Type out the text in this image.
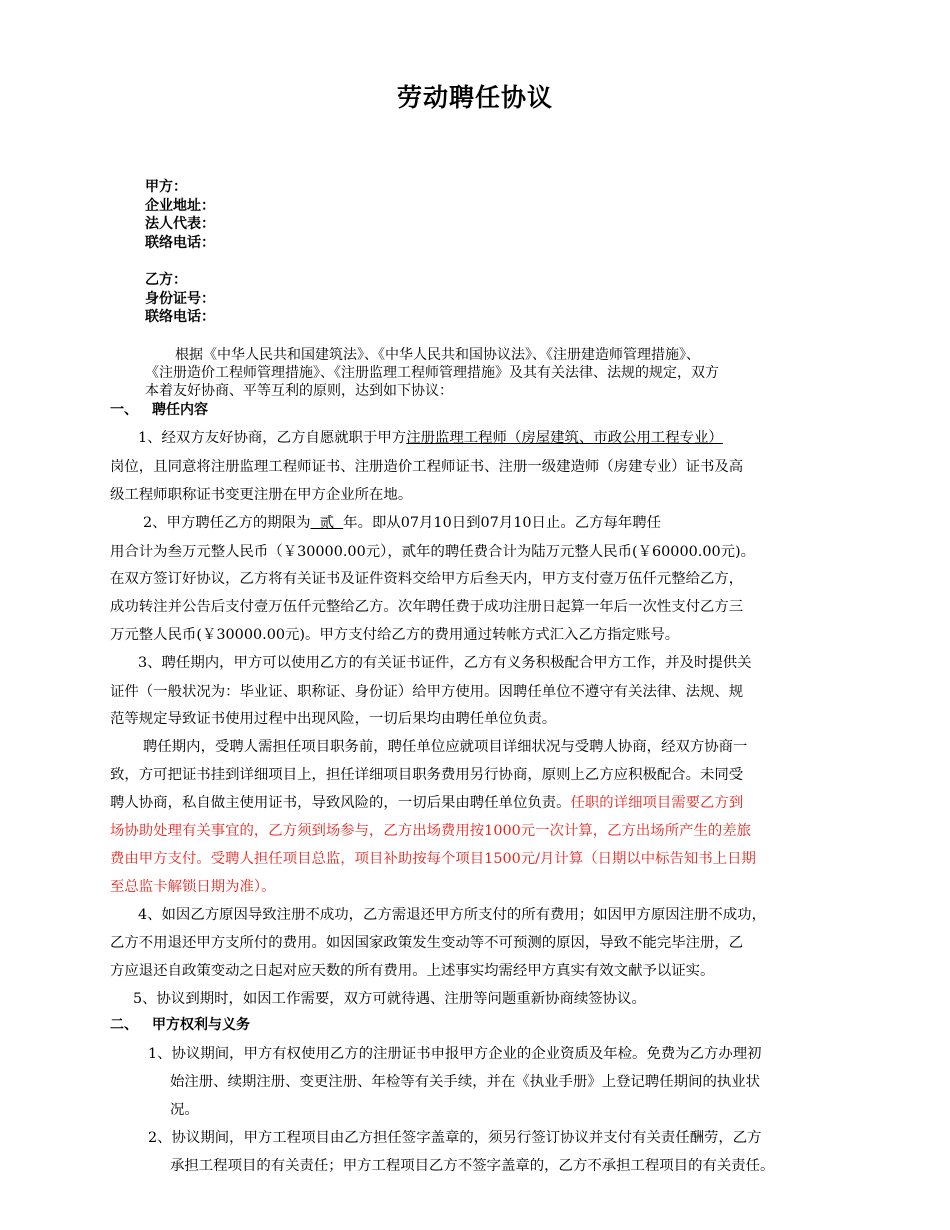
劳动聘任协议
甲方：
企业地址：
法人代表：
联络电话：
乙方：
身份证号：
联络电话：
根据《中华人民共和国建筑法》、《中华人民共和国协议法》、《注册建造师管理措施》、
《注册造价工程师管理措施》、《注册监理工程师管理措施》及其有关法律、法规的规定，双方
本着友好协商、平等互利的原则，达到如下协议：
一、 聘任内容
1、经双方友好协商，乙方自愿就职于甲方注册监理工程师（房屋建筑、市政公用工程专业）
岗位，且同意将注册监理工程师证书、注册造价工程师证书、注册一级建造师（房建专业）证书及高
级工程师职称证书变更注册在甲方企业所在地。
2、甲方聘任乙方的期限为  贰  年。即从07月10日到07月10日止。乙方每年聘任
用合计为叁万元整人民币（￥30000.00元），贰年的聘任费合计为陆万元整人民币(￥60000.00元)。
在双方签订好协议，乙方将有关证书及证件资料交给甲方后叁天内，甲方支付壹万伍仟元整给乙方，
成功转注并公告后支付壹万伍仟元整给乙方。次年聘任费于成功注册日起算一年后一次性支付乙方三
万元整人民币(￥30000.00元)。甲方支付给乙方的费用通过转帐方式汇入乙方指定账号。
3、聘任期内，甲方可以使用乙方的有关证书证件，乙方有义务积极配合甲方工作，并及时提供关
证件（一般状况为：毕业证、职称证、身份证）给甲方使用。因聘任单位不遵守有关法律、法规、规
范等规定导致证书使用过程中出现风险，一切后果均由聘任单位负责。
聘任期内，受聘人需担任项目职务前，聘任单位应就项目详细状况与受聘人协商，经双方协商一
致，方可把证书挂到详细项目上，担任详细项目职务费用另行协商，原则上乙方应积极配合。未同受
聘人协商，私自做主使用证书，导致风险的，一切后果由聘任单位负责。任职的详细项目需要乙方到
场协助处理有关事宜的，乙方须到场参与，乙方出场费用按1000元一次计算，乙方出场所产生的差旅
费由甲方支付。受聘人担任项目总监，项目补助按每个项目1500元/月计算（日期以中标告知书上日期
至总监卡解锁日期为准）。
4、如因乙方原因导致注册不成功，乙方需退还甲方所支付的所有费用；如因甲方原因注册不成功，
乙方不用退还甲方支所付的费用。如因国家政策发生变动等不可预测的原因，导致不能完毕注册，乙
方应退还自政策变动之日起对应天数的所有费用。上述事实均需经甲方真实有效文献予以证实。
5、协议到期时，如因工作需要，双方可就待遇、注册等问题重新协商续签协议。
二、 甲方权利与义务
1、协议期间，甲方有权使用乙方的注册证书申报甲方企业的企业资质及年检。免费为乙方办理初
始注册、续期注册、变更注册、年检等有关手续，并在《执业手册》上登记聘任期间的执业状
况。
2、协议期间，甲方工程项目由乙方担任签字盖章的，须另行签订协议并支付有关责任酬劳，乙方
承担工程项目的有关责任；甲方工程项目乙方不签字盖章的，乙方不承担工程项目的有关责任。
